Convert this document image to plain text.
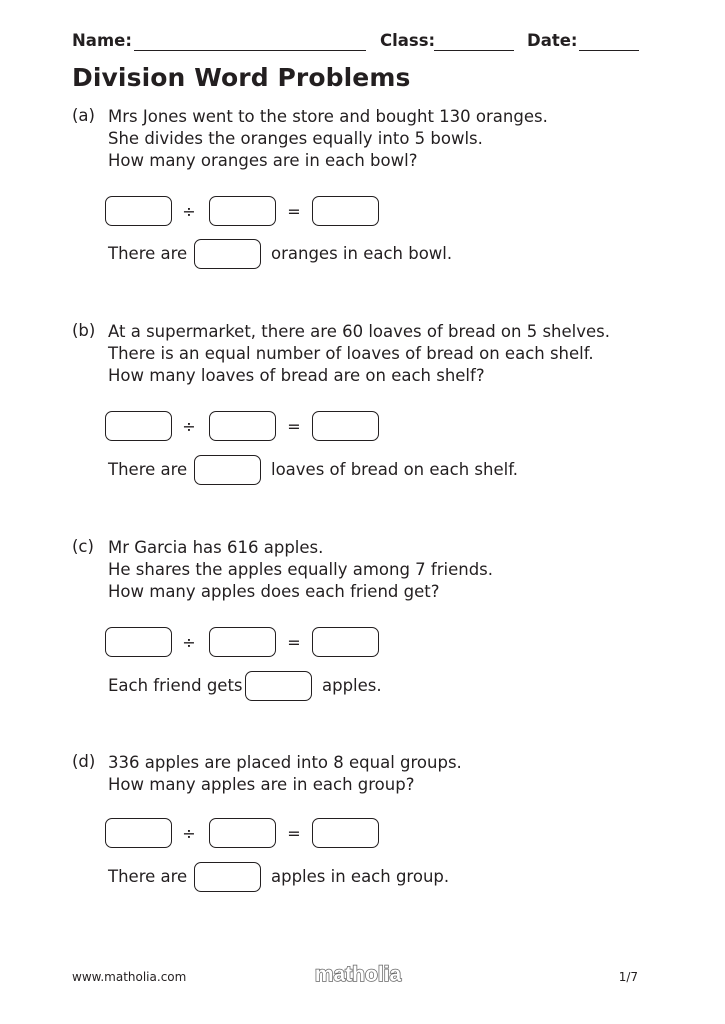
Name:	Class:	Date:
Division Word Problems
(a) Mrs Jones went to the store and bought 130 oranges.
She divides the oranges equally into 5 bowls.
How many oranges are in each bowl?
÷	=
There are	oranges in each bowl.
(b) At a supermarket, there are 60 loaves of bread on 5 shelves.
There is an equal number of loaves of bread on each shelf.
How many loaves of bread are on each shelf?
÷	=
There are	loaves of bread on each shelf.
(c) Mr Garcia has 616 apples.
He shares the apples equally among 7 friends.
How many apples does each friend get?
÷	=
Each friend gets	apples.
(d) 336 apples are placed into 8 equal groups.
How many apples are in each group?
÷	=
There are	apples in each group.
www.matholia.com	matholia	1/7
